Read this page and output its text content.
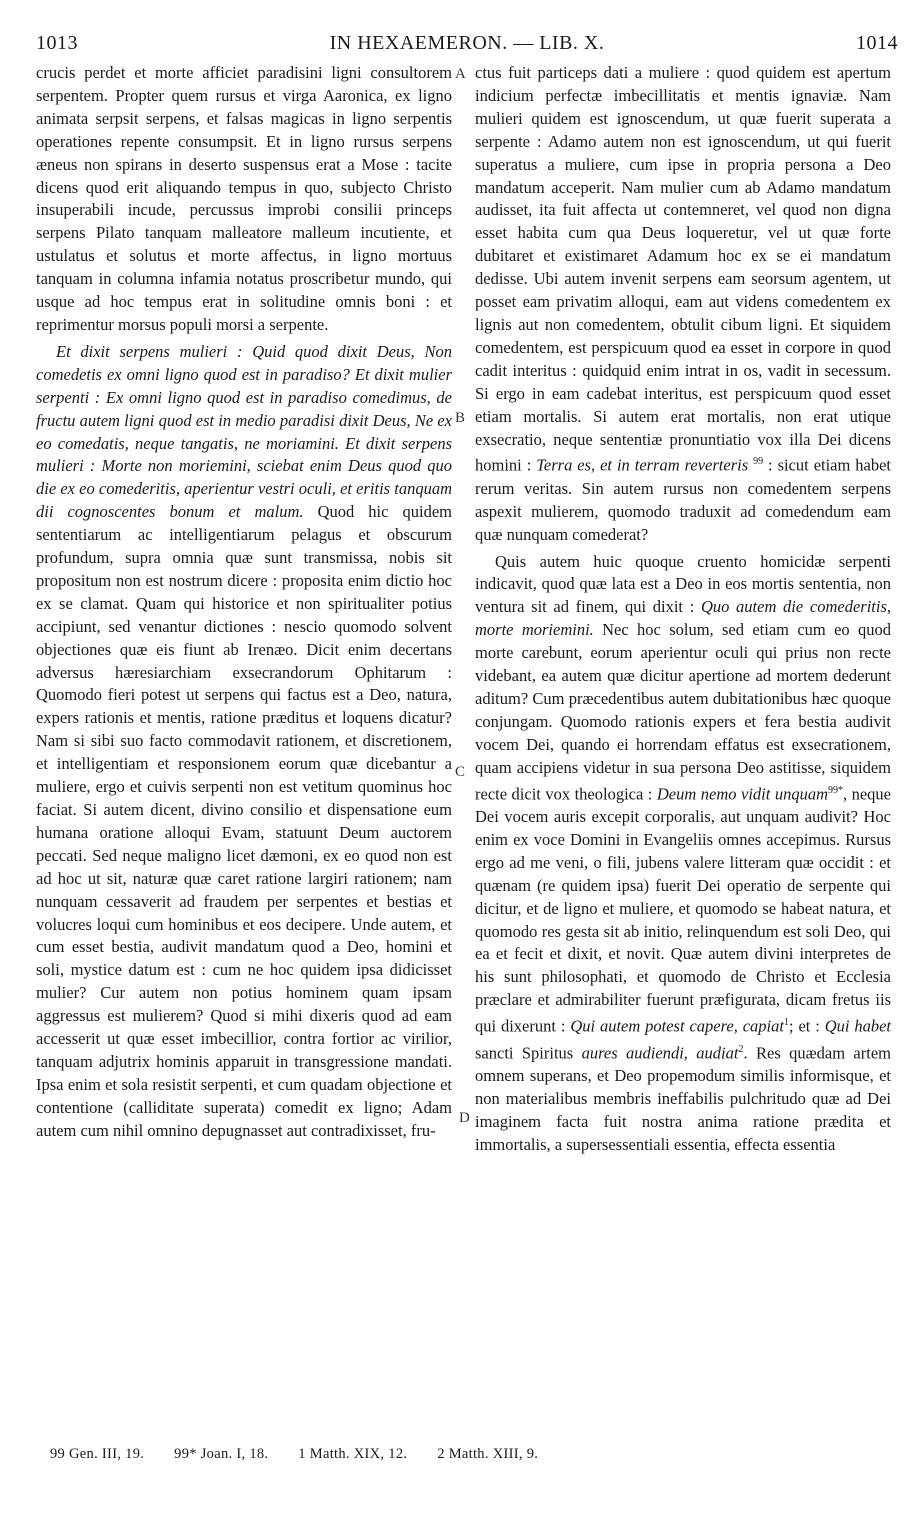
1013	IN HEXAEMERON. — LIB. X.	1014
A
B
C
D

crucis perdet et morte afficiet paradisini ligni consultorem serpentem. Propter quem rursus et virga Aaronica, ex ligno animata serpsit serpens, et falsas magicas in ligno serpentis operationes repente consumpsit. Et in ligno rursus serpens æneus non spirans in deserto suspensus erat a Mose : tacite dicens quod erit aliquando tempus in quo, subjecto Christo insuperabili incude, percussus improbi consilii princeps serpens Pilato tanquam malleatore malleum incutiente, et ustulatus et solutus et morte affectus, in ligno mortuus tanquam in columna infamia notatus proscribetur mundo, qui usque ad hoc tempus erat in solitudine omnis boni : et reprimentur morsus populi morsi a serpente.

Et dixit serpens mulieri : Quid quod dixit Deus, Non comedetis ex omni ligno quod est in paradiso? Et dixit mulier serpenti : Ex omni ligno quod est in paradiso comedimus, de fructu autem ligni quod est in medio paradisi dixit Deus, Ne ex eo comedatis, neque tangatis, ne moriamini. Et dixit serpens mulieri : Morte non moriemini, sciebat enim Deus quod quo die ex eo comederitis, aperientur vestri oculi, et eritis tanquam dii cognoscentes bonum et malum. Quod hic quidem sententiarum ac intelligentiarum pelagus et obscurum profundum, supra omnia quæ sunt transmissa, nobis sit propositum non est nostrum dicere : proposita enim dictio hoc ex se clamat. Quam qui historice et non spiritualiter potius accipiunt, sed venantur dictiones : nescio quomodo solvent objectiones quæ eis fiunt ab Irenæo. Dicit enim decertans adversus hæresiarchiam exsecrandorum Ophitarum : Quomodo fieri potest ut serpens qui factus est a Deo, natura, expers rationis et mentis, ratione præditus et loquens dicatur? Nam si sibi suo facto commodavit rationem, et discretionem, et intelligentiam et responsionem eorum quæ dicebantur a muliere, ergo et cuivis serpenti non est vetitum quominus hoc faciat. Si autem dicent, divino consilio et dispensatione eum humana oratione alloqui Evam, statuunt Deum auctorem peccati. Sed neque maligno licet dæmoni, ex eo quod non est ad hoc ut sit, naturæ quæ caret ratione largiri rationem; nam nunquam cessaverit ad fraudem per serpentes et bestias et volucres loqui cum hominibus et eos decipere. Unde autem, et cum esset bestia, audivit mandatum quod a Deo, homini et soli, mystice datum est : cum ne hoc quidem ipsa didicisset mulier? Cur autem non potius hominem quam ipsam aggressus est mulierem? Quod si mihi dixeris quod ad eam accesserit ut quæ esset imbecillior, contra fortior ac virilior, tanquam adjutrix hominis apparuit in transgressione mandati. Ipsa enim et sola resistit serpenti, et cum quadam objectione et contentione (calliditate superata) comedit ex ligno; Adam autem cum nihil omnino depugnasset aut contradixisset, fru-

ctus fuit particeps dati a muliere : quod quidem est apertum indicium perfectæ imbecillitatis et mentis ignaviæ. Nam mulieri quidem est ignoscendum, ut quæ fuerit superata a serpente : Adamo autem non est ignoscendum, ut qui fuerit superatus a muliere, cum ipse in propria persona a Deo mandatum acceperit. Nam mulier cum ab Adamo mandatum audisset, ita fuit affecta ut contemneret, vel quod non digna esset habita cum qua Deus loqueretur, vel ut quæ forte dubitaret et existimaret Adamum hoc ex se ei mandatum dedisse. Ubi autem invenit serpens eam seorsum agentem, ut posset eam privatim alloqui, eam aut videns comedentem ex lignis aut non comedentem, obtulit cibum ligni. Et siquidem comedentem, est perspicuum quod ea esset in corpore in quod cadit interitus : quidquid enim intrat in os, vadit in secessum. Si ergo in eam cadebat interitus, est perspicuum quod esset etiam mortalis. Si autem erat mortalis, non erat utique exsecratio, neque sententiæ pronuntiatio vox illa Dei dicens homini : Terra es, et in terram reverteris $^{99}$ : sicut etiam habet rerum veritas. Sin autem rursus non comedentem serpens aspexit mulierem, quomodo traduxit ad comedendum eam quæ nunquam comederat?

Quis autem huic quoque cruento homicidæ serpenti indicavit, quod quæ lata est a Deo in eos mortis sententia, non ventura sit ad finem, qui dixit : Quo autem die comederitis, morte moriemini. Nec hoc solum, sed etiam cum eo quod morte carebunt, eorum aperientur oculi qui prius non recte videbant, ea autem quæ dicitur apertione ad mortem dederunt aditum? Cum præcedentibus autem dubitationibus hæc quoque conjungam. Quomodo rationis expers et fera bestia audivit vocem Dei, quando ei horrendam effatus est exsecrationem, quam accipiens videtur in sua persona Deo astitisse, siquidem recte dicit vox theologica : Deum nemo vidit unquam$^{99*}$, neque Dei vocem auris excepit corporalis, aut unquam audivit? Hoc enim ex voce Domini in Evangeliis omnes accepimus. Rursus ergo ad me veni, o fili, jubens valere litteram quæ occidit : et quænam (re quidem ipsa) fuerit Dei operatio de serpente qui dicitur, et de ligno et muliere, et quomodo se habeat natura, et quomodo res gesta sit ab initio, relinquendum est soli Deo, qui ea et fecit et dixit, et novit. Quæ autem divini interpretes de his sunt philosophati, et quomodo de Christo et Ecclesia præclare et admirabiliter fuerunt præfigurata, dicam fretus iis qui dixerunt : Qui autem potest capere, capiat$^1$; et : Qui habet sancti Spiritus aures audiendi, audiat$^2$. Res quædam artem omnem superans, et Deo propemodum similis informisque, et non materialibus membris ineffabilis pulchritudo quæ ad Dei imaginem facta fuit nostra anima ratione prædita et immortalis, a supersessentiali essentia, effecta essentia

99 Gen. III, 19. 99* Joan. I, 18. 1 Matth. XIX, 12. 2 Matth. XIII, 9.
